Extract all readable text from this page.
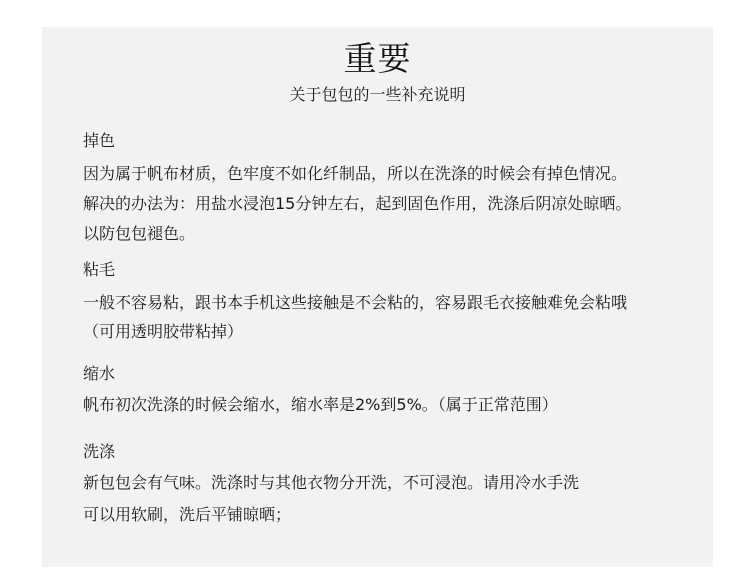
重要

关于包包的一些补充说明

掉色

因为属于帆布材质，色牢度不如化纤制品，所以在洗涤的时候会有掉色情况。

解决的办法为：用盐水浸泡15分钟左右，起到固色作用，洗涤后阴凉处晾晒。

以防包包褪色。

粘毛

一般不容易粘，跟书本手机这些接触是不会粘的，容易跟毛衣接触难免会粘哦

（可用透明胶带粘掉）

缩水

帆布初次洗涤的时候会缩水，缩水率是2%到5%。（属于正常范围）

洗涤

新包包会有气味。洗涤时与其他衣物分开洗，不可浸泡。请用冷水手洗

可以用软刷，洗后平铺晾晒；
